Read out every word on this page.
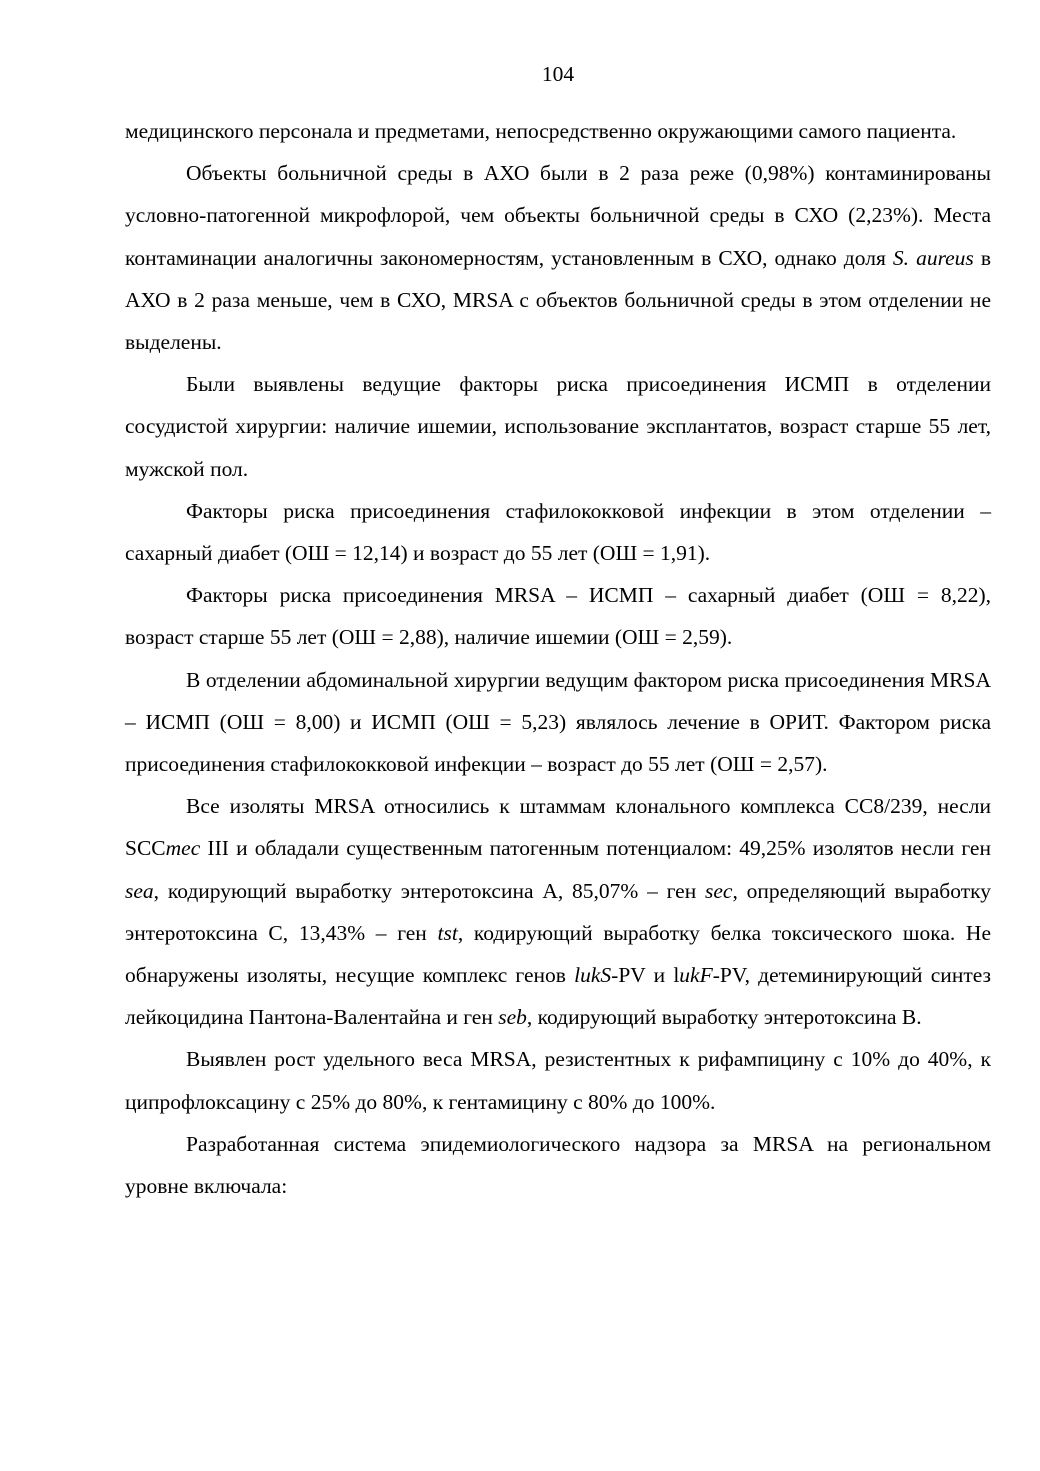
104

медицинского персонала и предметами, непосредственно окружающими самого пациента.

Объекты больничной среды в АХО были в 2 раза реже (0,98%) контаминированы условно-патогенной микрофлорой, чем объекты больничной среды в СХО (2,23%). Места контаминации аналогичны закономерностям, установленным в СХО, однако доля S. aureus в АХО в 2 раза меньше, чем в СХО, MRSA с объектов больничной среды в этом отделении не выделены.

Были выявлены ведущие факторы риска присоединения ИСМП в отделении сосудистой хирургии: наличие ишемии, использование эксплантатов, возраст старше 55 лет, мужской пол.

Факторы риска присоединения стафилококковой инфекции в этом отделении – сахарный диабет (ОШ = 12,14) и возраст до 55 лет (ОШ = 1,91).

Факторы риска присоединения MRSA – ИСМП – сахарный диабет (ОШ = 8,22), возраст старше 55 лет (ОШ = 2,88), наличие ишемии (ОШ = 2,59).

В отделении абдоминальной хирургии ведущим фактором риска присоединения MRSA – ИСМП (ОШ = 8,00) и ИСМП (ОШ = 5,23) являлось лечение в ОРИТ. Фактором риска присоединения стафилококковой инфекции – возраст до 55 лет (ОШ = 2,57).

Все изоляты MRSA относились к штаммам клонального комплекса CC8/239, несли SCCmec III и обладали существенным патогенным потенциалом: 49,25% изолятов несли ген sea, кодирующий выработку энтеротоксина А, 85,07% – ген sec, определяющий выработку энтеротоксина С, 13,43% – ген tst, кодирующий выработку белка токсического шока. Не обнаружены изоляты, несущие комплекс генов lukS-PV и lukF-PV, детеминирующий синтез лейкоцидина Пантона-Валентайна и ген seb, кодирующий выработку энтеротоксина В.

Выявлен рост удельного веса MRSA, резистентных к рифампицину с 10% до 40%, к ципрофлоксацину с 25% до 80%, к гентамицину с 80% до 100%.

Разработанная система эпидемиологического надзора за MRSA на региональном уровне включала:
